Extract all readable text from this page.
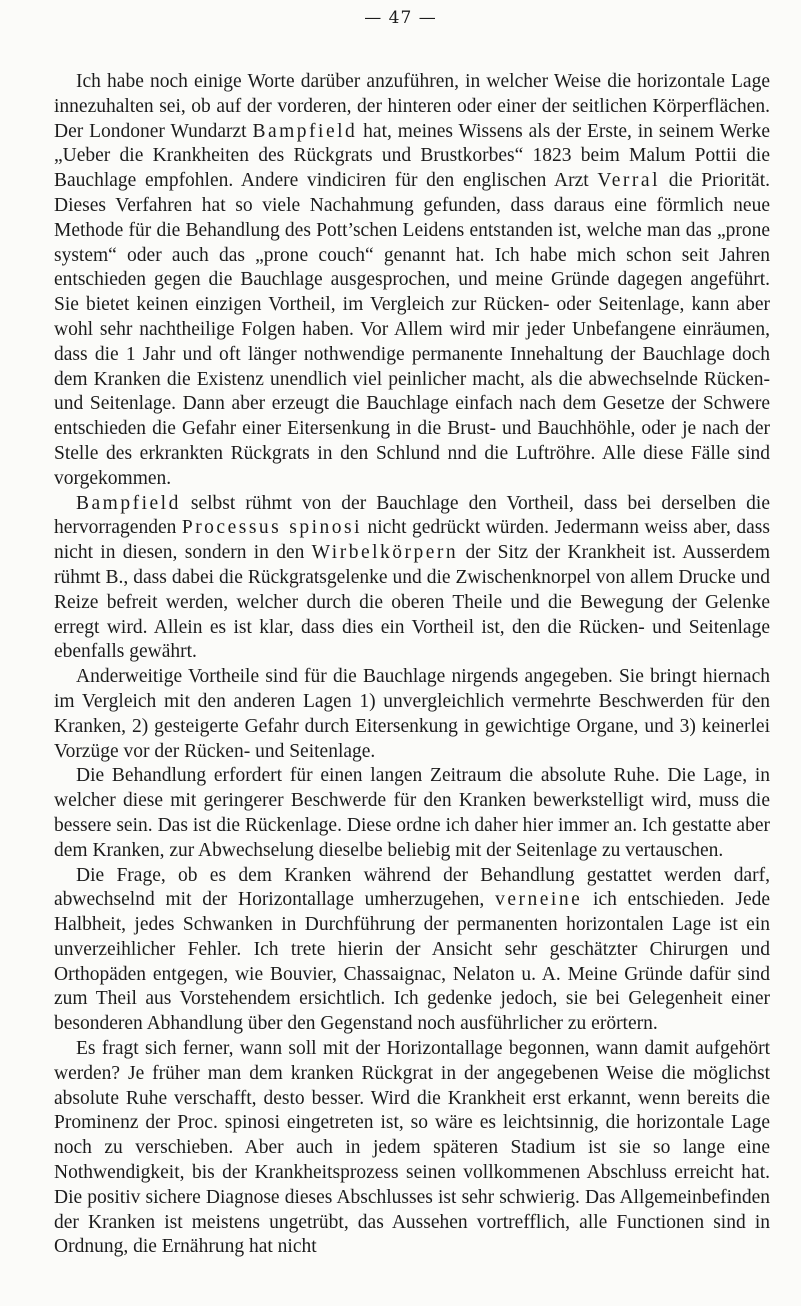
— 47 —

Ich habe noch einige Worte darüber anzuführen, in welcher Weise die horizontale Lage innezuhalten sei, ob auf der vorderen, der hinteren oder einer der seitlichen Körperflächen. Der Londoner Wundarzt Bampfield hat, meines Wissens als der Erste, in seinem Werke „Ueber die Krankheiten des Rückgrats und Brustkorbes“ 1823 beim Malum Pottii die Bauchlage empfohlen. Andere vindiciren für den englischen Arzt Verral die Priorität. Dieses Verfahren hat so viele Nachahmung gefunden, dass daraus eine förmlich neue Methode für die Behandlung des Pott’schen Leidens entstanden ist, welche man das „prone system“ oder auch das „prone couch“ genannt hat. Ich habe mich schon seit Jahren entschieden gegen die Bauchlage ausgesprochen, und meine Gründe dagegen angeführt. Sie bietet keinen einzigen Vortheil, im Vergleich zur Rücken- oder Seitenlage, kann aber wohl sehr nachtheilige Folgen haben. Vor Allem wird mir jeder Unbefangene einräumen, dass die 1 Jahr und oft länger nothwendige permanente Innehaltung der Bauchlage doch dem Kranken die Existenz unendlich viel peinlicher macht, als die abwechselnde Rücken- und Seitenlage. Dann aber erzeugt die Bauchlage einfach nach dem Gesetze der Schwere entschieden die Gefahr einer Eitersenkung in die Brust- und Bauchhöhle, oder je nach der Stelle des erkrankten Rückgrats in den Schlund nnd die Luftröhre. Alle diese Fälle sind vorgekommen.

Bampfield selbst rühmt von der Bauchlage den Vortheil, dass bei derselben die hervorragenden Processus spinosi nicht gedrückt würden. Jedermann weiss aber, dass nicht in diesen, sondern in den Wirbelkörpern der Sitz der Krankheit ist. Ausserdem rühmt B., dass dabei die Rückgratsgelenke und die Zwischenknorpel von allem Drucke und Reize befreit werden, welcher durch die oberen Theile und die Bewegung der Gelenke erregt wird. Allein es ist klar, dass dies ein Vortheil ist, den die Rücken- und Seitenlage ebenfalls gewährt.

Anderweitige Vortheile sind für die Bauchlage nirgends angegeben. Sie bringt hiernach im Vergleich mit den anderen Lagen 1) unvergleichlich vermehrte Beschwerden für den Kranken, 2) gesteigerte Gefahr durch Eitersenkung in gewichtige Organe, und 3) keinerlei Vorzüge vor der Rücken- und Seitenlage.

Die Behandlung erfordert für einen langen Zeitraum die absolute Ruhe. Die Lage, in welcher diese mit geringerer Beschwerde für den Kranken bewerkstelligt wird, muss die bessere sein. Das ist die Rückenlage. Diese ordne ich daher hier immer an. Ich gestatte aber dem Kranken, zur Abwechselung dieselbe beliebig mit der Seitenlage zu vertauschen.

Die Frage, ob es dem Kranken während der Behandlung gestattet werden darf, abwechselnd mit der Horizontallage umherzugehen, verneine ich entschieden. Jede Halbheit, jedes Schwanken in Durchführung der permanenten horizontalen Lage ist ein unverzeihlicher Fehler. Ich trete hierin der Ansicht sehr geschätzter Chirurgen und Orthopäden entgegen, wie Bouvier, Chassaignac, Nelaton u. A. Meine Gründe dafür sind zum Theil aus Vorstehendem ersichtlich. Ich gedenke jedoch, sie bei Gelegenheit einer besonderen Abhandlung über den Gegenstand noch ausführlicher zu erörtern.

Es fragt sich ferner, wann soll mit der Horizontallage begonnen, wann damit aufgehört werden? Je früher man dem kranken Rückgrat in der angegebenen Weise die möglichst absolute Ruhe verschafft, desto besser. Wird die Krankheit erst erkannt, wenn bereits die Prominenz der Proc. spinosi eingetreten ist, so wäre es leichtsinnig, die horizontale Lage noch zu verschieben. Aber auch in jedem späteren Stadium ist sie so lange eine Nothwendigkeit, bis der Krankheitsprozess seinen vollkommenen Abschluss erreicht hat. Die positiv sichere Diagnose dieses Abschlusses ist sehr schwierig. Das Allgemeinbefinden der Kranken ist meistens ungetrübt, das Aussehen vortrefflich, alle Functionen sind in Ordnung, die Ernährung hat nicht
